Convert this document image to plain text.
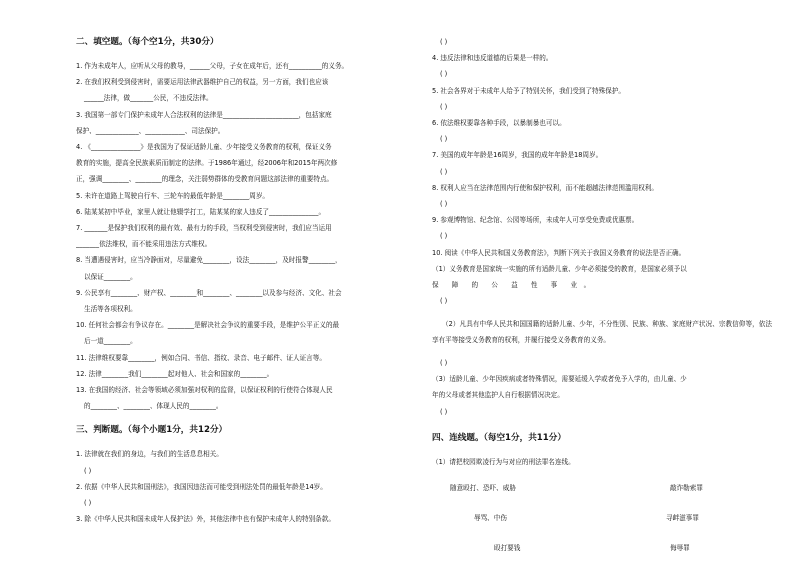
二、填空题。（每个空1分，共30分）

1. 作为未成年人，应听从父母的教导，______父母，子女在成年后，还有__________的义务。

2. 在我们权利受到侵害时，需要运用法律武器维护自己的权益，另一方面，我们也应该

______法律，做_______公民，不违反法律。

3. 我国第一部专门保护未成年人合法权利的法律是_______________________，包括家庭

保护、_____________、____________、司法保护。

4. 《_______________》是我国为了保证适龄儿童、少年接受义务教育的权利，保证义务

教育的实施，提高全民族素质而制定的法律。于1986年通过，经2006年和2015年两次修

正，强调________、________的理念，关注弱势群体的受教育问题这部法律的重要特点。

5. 未许在道路上驾驶自行车、三轮车的最低年龄是________周岁。

6. 陆某某初中毕业，家里人就让他辍学打工，陆某某的家人违反了_______________。

7. _______是保护我们权利的最有效、最有力的手段，当权利受到侵害时，我们应当运用

_______依法维权，而不能采用违法方式维权。

8. 当遭遇侵害时，应当冷静面对，尽量避免________，设法________，及时报警________，

以保证________。

9. 公民享有________、财产权、________和________、________以及参与经济、文化、社会

生活等各项权利。

10. 任何社会都会有争议存在。________是解决社会争议的重要手段，是维护公平正义的最

后一道________。

11. 法律维权要靠________，例如合同、书信、指纹、录音、电子邮件、证人证言等。

12. 法律________我们________起对他人、社会和国家的________。

13. 在我国的经济、社会等领域必须加强对权利的监督，以保证权利的行使符合体现人民

的________、________、体现人民的________。

三、判断题。（每个小题1分，共12分）

1. 法律就在我们的身边，与我们的生活息息相关。

( )

2. 依据《中华人民共和国刑法》，我国因违法而可能受到刑法处罚的最低年龄是14岁。

( )

3. 除《中华人民共和国未成年人保护法》外，其他法律中也有保护未成年人的特别条款。

( )

4. 违反法律和违反道德的后果是一样的。

( )

5. 社会各界对于未成年人给予了特别关怀，我们受到了特殊保护。

( )

6. 依法维权要靠各种手段，以暴制暴也可以。

( )

7. 美国的成年年龄是16周岁，我国的成年年龄是18周岁。

( )

8. 权利人应当在法律范围内行使和保护权利，而不能超越法律范围滥用权利。

( )

9. 参观博物馆、纪念馆、公园等场所，未成年人可享受免费或优惠票。

( )

10. 阅读《中华人民共和国义务教育法》，判断下列关于我国义务教育的说法是否正确。

（1）义务教育是国家统一实施的所有适龄儿童、少年必须接受的教育，是国家必须予以

保　　障　　的　　公　　益　　性　　事　　业　。

( )

（2）凡具有中华人民共和国国籍的适龄儿童、少年，不分性别、民族、种族、家庭财产状况、宗教信仰等，依法享有平等接受义务教育的权利，并履行接受义务教育的义务。

( )

（3）适龄儿童、少年因疾病或者特殊情况，需要延缓入学或者免予入学的，由儿童、少

年的父母或者其他监护人自行根据情况决定。

( )
四、连线题。（每空1分，共11分）

（1）请把校园欺凌行为与对应的刑法罪名连线。

随意殴打、恐吓、威胁
辱骂、中伤
殴打要钱
敲诈勒索罪
寻衅滋事罪
侮辱罪
